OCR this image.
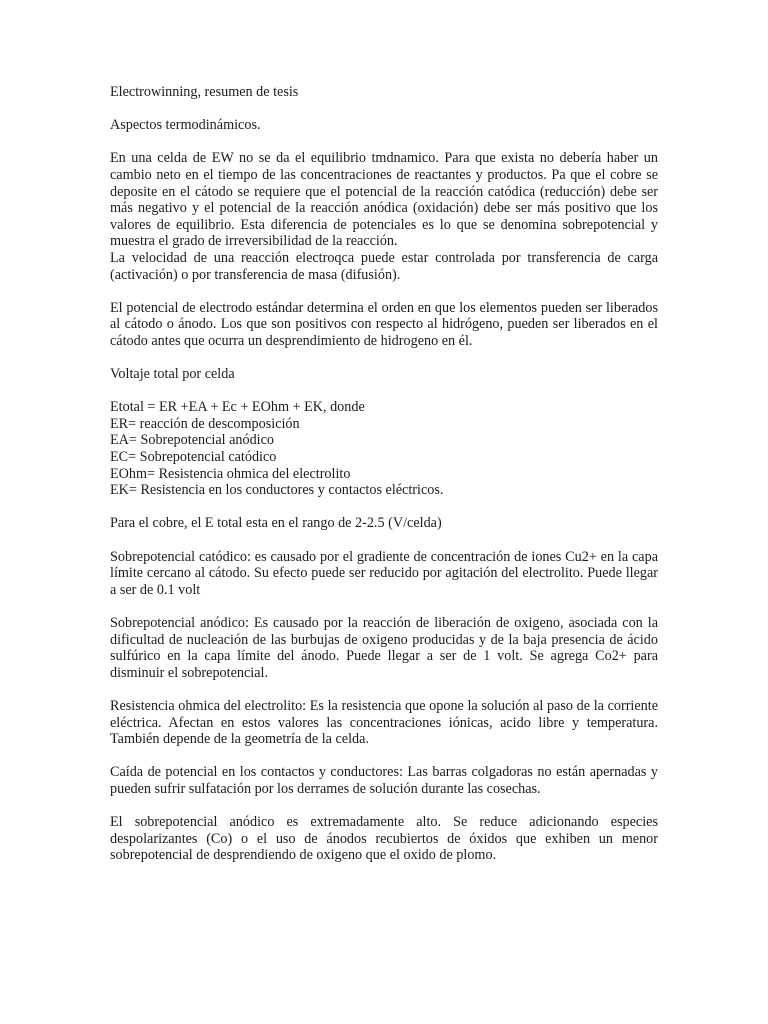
Electrowinning, resumen de tesis

Aspectos termodinámicos.

En una celda de EW no se da el equilibrio tmdnamico. Para que exista no debería haber un cambio neto en el tiempo de las concentraciones de reactantes y productos. Pa que el cobre se deposite en el cátodo se requiere que el potencial de la reacción catódica (reducción) debe ser más negativo y el potencial de la reacción anódica (oxidación) debe ser más positivo que los valores de equilibrio. Esta diferencia de potenciales es lo que se denomina sobrepotencial y muestra el grado de irreversibilidad de la reacción.

La velocidad de una reacción electroqca puede estar controlada por transferencia de carga (activación) o por transferencia de masa (difusión).

El potencial de electrodo estándar determina el orden en que los elementos pueden ser liberados al cátodo o ánodo. Los que son positivos con respecto al hidrógeno, pueden ser liberados en el cátodo antes que ocurra un desprendimiento de hidrogeno en él.

Voltaje total por celda

Etotal = ER +EA + Ec + EOhm + EK, donde
ER= reacción de descomposición
EA= Sobrepotencial anódico
EC= Sobrepotencial catódico
EOhm= Resistencia ohmica del electrolito
EK= Resistencia en los conductores y contactos eléctricos.

Para el cobre, el E total esta en el rango de 2-2.5 (V/celda)

Sobrepotencial catódico: es causado por el gradiente de concentración de iones Cu2+ en la capa límite cercano al cátodo. Su efecto puede ser reducido por agitación del electrolito. Puede llegar a ser de 0.1 volt

Sobrepotencial anódico: Es causado por la reacción de liberación de oxigeno, asociada con la dificultad de nucleación de las burbujas de oxigeno producidas y de la baja presencia de ácido sulfúrico en la capa límite del ánodo. Puede llegar a ser de 1 volt. Se agrega Co2+ para disminuir el sobrepotencial.

Resistencia ohmica del electrolito: Es la resistencia que opone la solución al paso de la corriente eléctrica. Afectan en estos valores las concentraciones iónicas, acido libre y temperatura. También depende de la geometría de la celda.

Caída de potencial en los contactos y conductores: Las barras colgadoras no están apernadas y pueden sufrir sulfatación por los derrames de solución durante las cosechas.

El sobrepotencial anódico es extremadamente alto. Se reduce adicionando especies despolarizantes (Co) o el uso de ánodos recubiertos de óxidos que exhiben un menor sobrepotencial de desprendiendo de oxigeno que el oxido de plomo.
